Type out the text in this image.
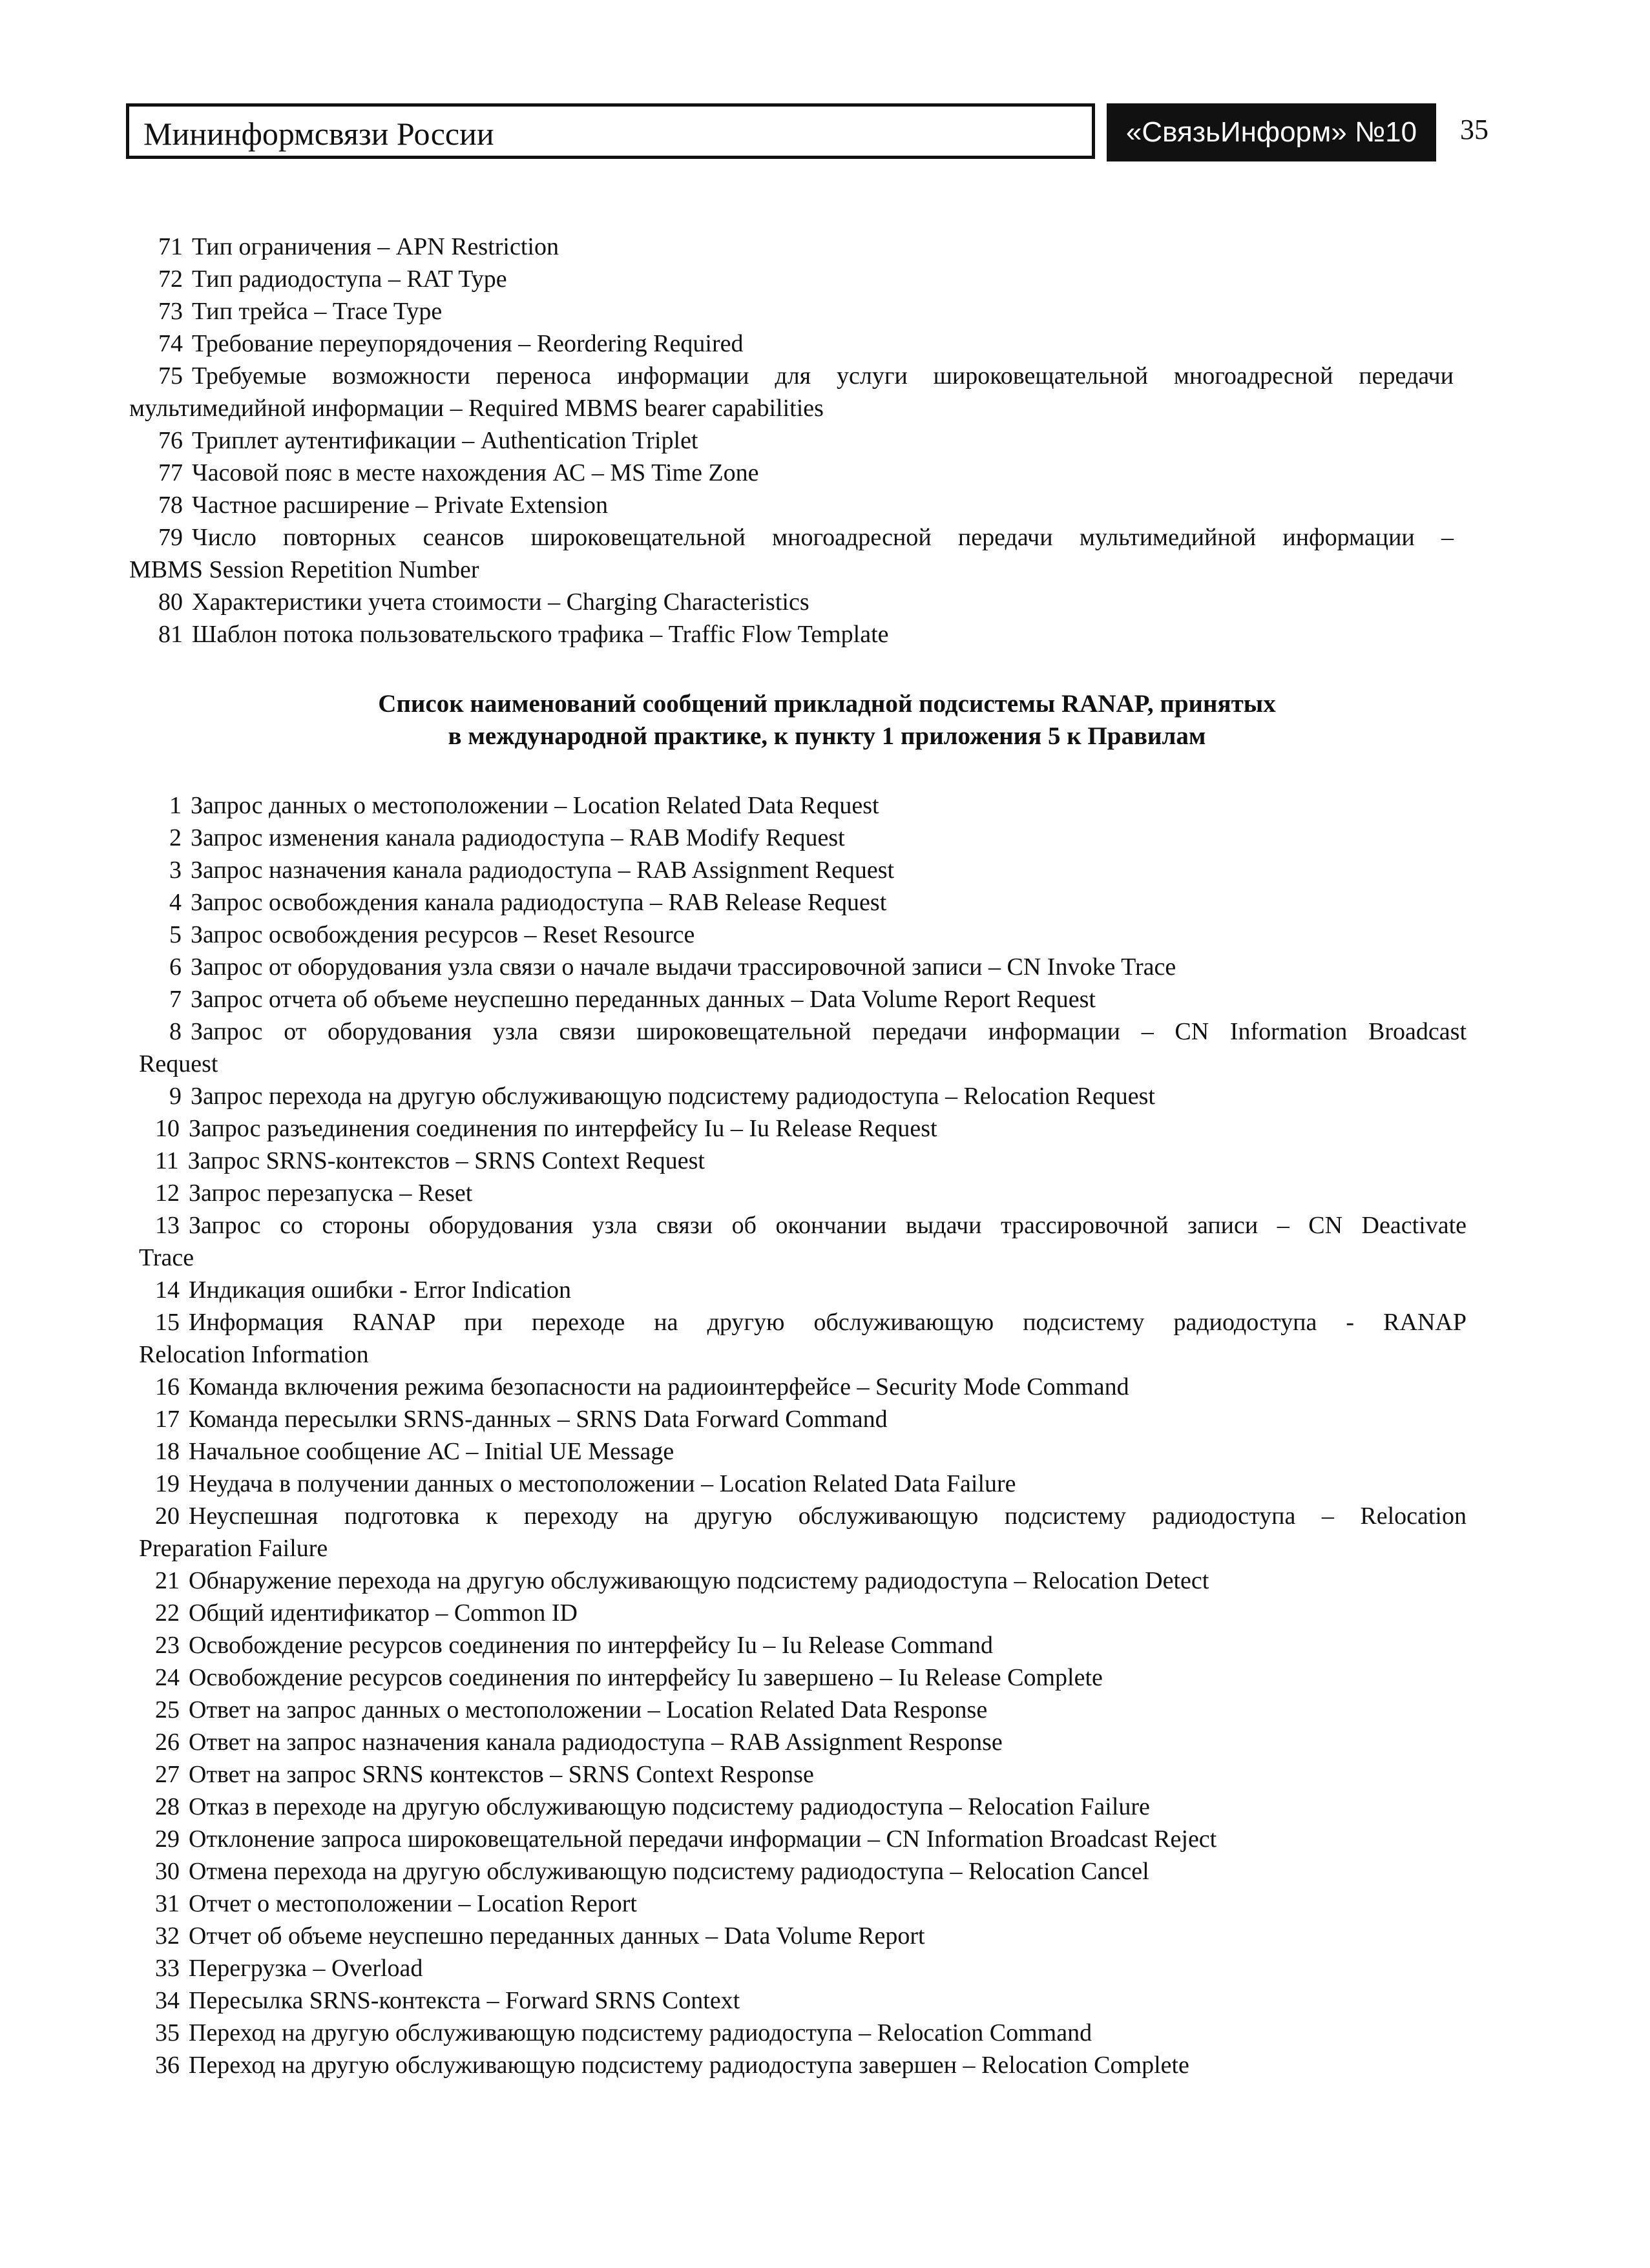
Мининформсвязи России	«СвязьИнформ» №10	35
71 Тип ограничения – APN Restrіction
72 Тип радиодоступа – RAT Type
73 Тип трейса – Trace Type
74 Требование переупорядочения – Reordering Required
75 Требуемые возможности переноса информации для услуги широковещательной многоадресной передачи
мультимедийной информации – Required MBMS bearer capabilities
76 Триплет аутентификации – Authentication Triplet
77 Часовой пояс в месте нахождения АС – MS Time Zone
78 Частное расширение – Private Extension
79 Число повторных сеансов широковещательной многоадресной передачи мультимедийной информации –
MBMS Session Repetition Number
80 Характеристики учета стоимости – Charging Characteristics
81 Шаблон потока пользовательского трафика – Traffic Flow Template
Список наименований сообщений прикладной подсистемы RANAP, принятых
в международной практике, к пункту 1 приложения 5 к Правилам
1 Запрос данных о местоположении – Location Related Data Request
2 Запрос изменения канала радиодоступа – RAB Modify Request
3 Запрос назначения канала радиодоступа – RAB Assignment Request
4 Запрос освобождения канала радиодоступа – RAB Release Request
5 Запрос освобождения ресурсов – Reset Resource
6 Запрос от оборудования узла связи о начале выдачи трассировочной записи – CN Invoke Trace
7 Запрос отчета об объеме неуспешно переданных данных – Data Volume Report Request
8 Запрос от оборудования узла связи широковещательной передачи информации – CN Information Broadcast
Request
9 Запрос перехода на другую обслуживающую подсистему радиодоступа – Relocation Request
10 Запрос разъединения соединения по интерфейсу Iu – Iu Release Request
11 Запрос SRNS-контекстов – SRNS Context Request
12 Запрос перезапуска – Reset
13 Запрос со стороны оборудования узла связи об окончании выдачи трассировочной записи – CN Deactivate
Trace
14 Индикация ошибки - Error Indication
15 Информация RANAP при переходе на другую обслуживающую подсистему радиодоступа - RANAP
Relocation Information
16 Команда включения режима безопасности на радиоинтерфейсе – Security Mode Command
17 Команда пересылки SRNS-данных – SRNS Data Forward Command
18 Начальное сообщение АС – Initial UE Message
19 Неудача в получении данных о местоположении – Location Related Data Failure
20 Неуспешная подготовка к переходу на другую обслуживающую подсистему радиодоступа – Relocation
Preparation Failure
21 Обнаружение перехода на другую обслуживающую подсистему радиодоступа – Relocation Detect
22 Общий идентификатор – Common ID
23 Освобождение ресурсов соединения по интерфейсу Iu – Iu Release Command
24 Освобождение ресурсов соединения по интерфейсу Iu завершено – Iu Release Complete
25 Ответ на запрос данных о местоположении – Location Related Data Response
26 Ответ на запрос назначения канала радиодоступа – RAB Assignment Response
27 Ответ на запрос SRNS контекстов – SRNS Context Response
28 Отказ в переходе на другую обслуживающую подсистему радиодоступа – Relocation Failure
29 Отклонение запроса широковещательной передачи информации – CN Information Broadcast Reject
30 Отмена перехода на другую обслуживающую подсистему радиодоступа – Relocation Cancel
31 Отчет о местоположении – Location Report
32 Отчет об объеме неуспешно переданных данных – Data Volume Report
33 Перегрузка – Overload
34 Пересылка SRNS-контекста – Forward SRNS Context
35 Переход на другую обслуживающую подсистему радиодоступа – Relocation Command
36 Переход на другую обслуживающую подсистему радиодоступа завершен – Relocation Complete
